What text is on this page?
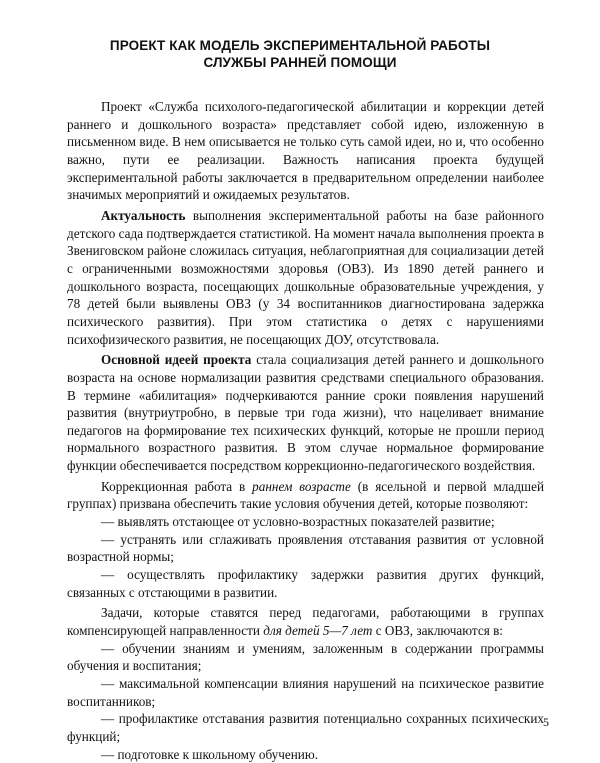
ПРОЕКТ КАК МОДЕЛЬ ЭКСПЕРИМЕНТАЛЬНОЙ РАБОТЫ
СЛУЖБЫ РАННЕЙ ПОМОЩИ

Проект «Служба психолого-педагогической абилитации и коррекции детей раннего и дошкольного возраста» представляет собой идею, изложенную в письменном виде. В нем описывается не только суть самой идеи, но и, что особенно важно, пути ее реализации. Важность написания проекта будущей экспериментальной работы заключается в предварительном определении наиболее значимых мероприятий и ожидаемых результатов.

Актуальность выполнения экспериментальной работы на базе районного детского сада подтверждается статистикой. На момент начала выполнения проекта в Звениговском районе сложилась ситуация, неблагоприятная для социализации детей с ограниченными возможностями здоровья (ОВЗ). Из 1890 детей раннего и дошкольного возраста, посещающих дошкольные образовательные учреждения, у 78 детей были выявлены ОВЗ (у 34 воспитанников диагностирована задержка психического развития). При этом статистика о детях с нарушениями психофизического развития, не посещающих ДОУ, отсутствовала.

Основной идеей проекта стала социализация детей раннего и дошкольного возраста на основе нормализации развития средствами специального образования. В термине «абилитация» подчеркиваются ранние сроки появления нарушений развития (внутриутробно, в первые три года жизни), что нацеливает внимание педагогов на формирование тех психических функций, которые не прошли период нормального возрастного развития. В этом случае нормальное формирование функции обеспечивается посредством коррекционно-педагогического воздействия.

Коррекционная работа в раннем возрасте (в ясельной и первой младшей группах) призвана обеспечить такие условия обучения детей, которые позволяют:

— выявлять отстающее от условно-возрастных показателей развитие;

— устранять или сглаживать проявления отставания развития от условной возрастной нормы;

— осуществлять профилактику задержки развития других функций, связанных с отстающими в развитии.

Задачи, которые ставятся перед педагогами, работающими в группах компенсирующей направленности для детей 5—7 лет с ОВЗ, заключаются в:

— обучении знаниям и умениям, заложенным в содержании программы обучения и воспитания;

— максимальной компенсации влияния нарушений на психическое развитие воспитанников;

— профилактике отставания развития потенциально сохранных психических функций;

— подготовке к школьному обучению.

5
